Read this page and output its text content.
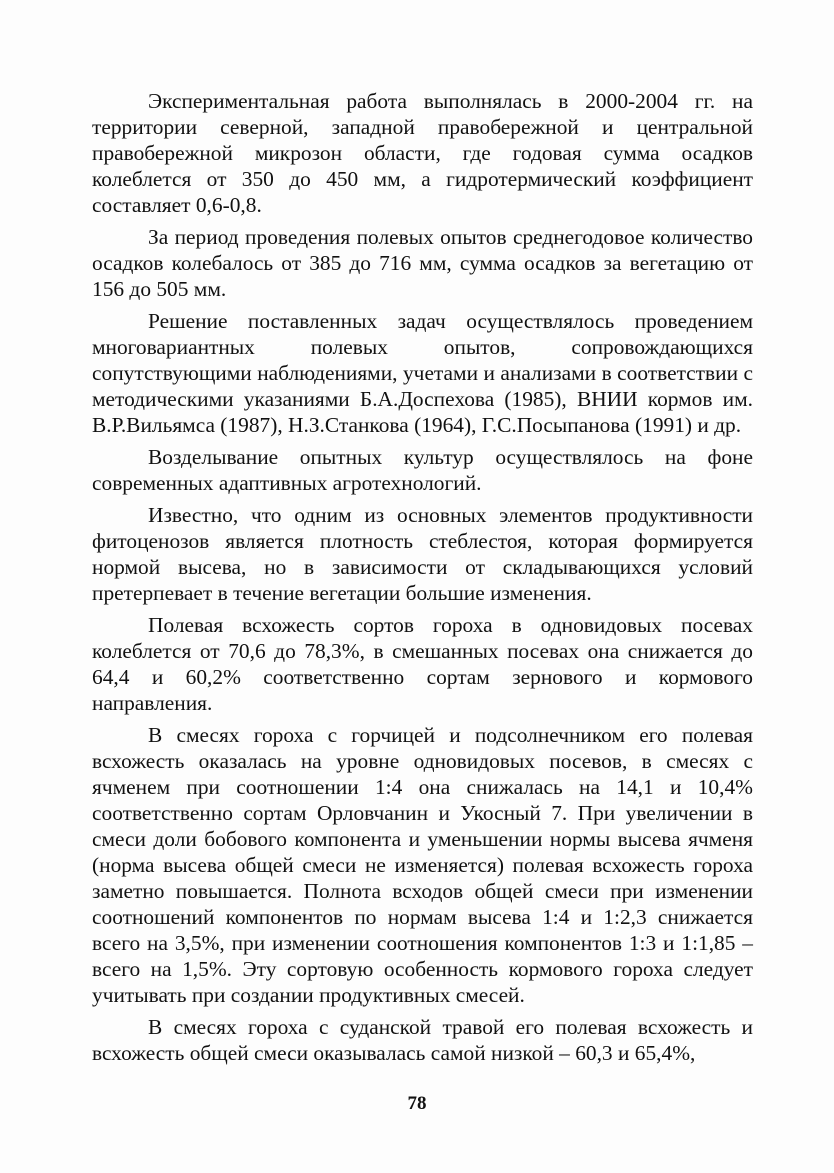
Экспериментальная работа выполнялась в 2000-2004 гг. на территории северной, западной правобережной и центральной правобережной микрозон области, где годовая сумма осадков колеблется от 350 до 450 мм, а гидротермический коэффициент составляет 0,6-0,8.

За период проведения полевых опытов среднегодовое количество осадков колебалось от 385 до 716 мм, сумма осадков за вегетацию от 156 до 505 мм.

Решение поставленных задач осуществлялось проведением многовариантных полевых опытов, сопровождающихся сопутствующими наблюдениями, учетами и анализами в соответствии с методическими указаниями Б.А.Доспехова (1985), ВНИИ кормов им. В.Р.Вильямса (1987), Н.З.Станкова (1964), Г.С.Посыпанова (1991) и др.

Возделывание опытных культур осуществлялось на фоне современных адаптивных агротехнологий.

Известно, что одним из основных элементов продуктивности фитоценозов является плотность стеблестоя, которая формируется нормой высева, но в зависимости от складывающихся условий претерпевает в течение вегетации большие изменения.

Полевая всхожесть сортов гороха в одновидовых посевах колеблется от 70,6 до 78,3%, в смешанных посевах она снижается до 64,4 и 60,2% соответственно сортам зернового и кормового направления.

В смесях гороха с горчицей и подсолнечником его полевая всхожесть оказалась на уровне одновидовых посевов, в смесях с ячменем при соотношении 1:4 она снижалась на 14,1 и 10,4% соответственно сортам Орловчанин и Укосный 7. При увеличении в смеси доли бобового компонента и уменьшении нормы высева ячменя (норма высева общей смеси не изменяется) полевая всхожесть гороха заметно повышается. Полнота всходов общей смеси при изменении соотношений компонентов по нормам высева 1:4 и 1:2,3 снижается всего на 3,5%, при изменении соотношения компонентов 1:3 и 1:1,85 – всего на 1,5%. Эту сортовую особенность кормового гороха следует учитывать при создании продуктивных смесей.

В смесях гороха с суданской травой его полевая всхожесть и всхожесть общей смеси оказывалась самой низкой – 60,3 и 65,4%,

78
